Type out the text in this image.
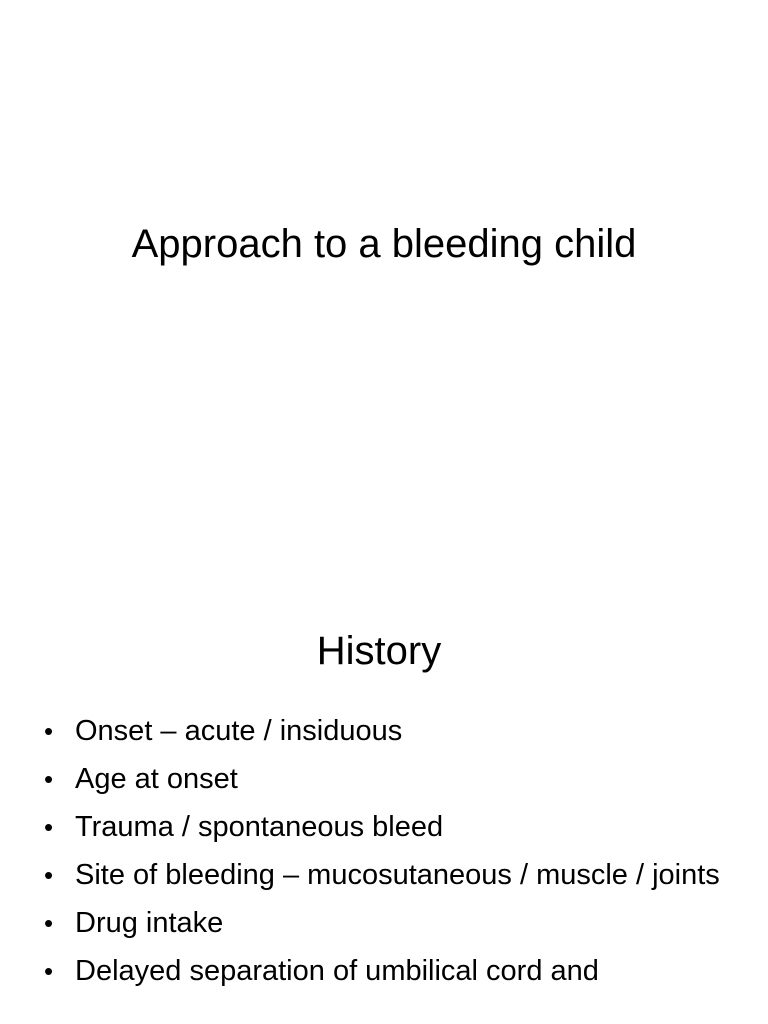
Approach to a bleeding child
History
• Onset – acute / insiduous
• Age at onset
• Trauma / spontaneous bleed
• Site of bleeding – mucosutaneous / muscle / joints
• Drug intake
• Delayed separation of umbilical cord and
